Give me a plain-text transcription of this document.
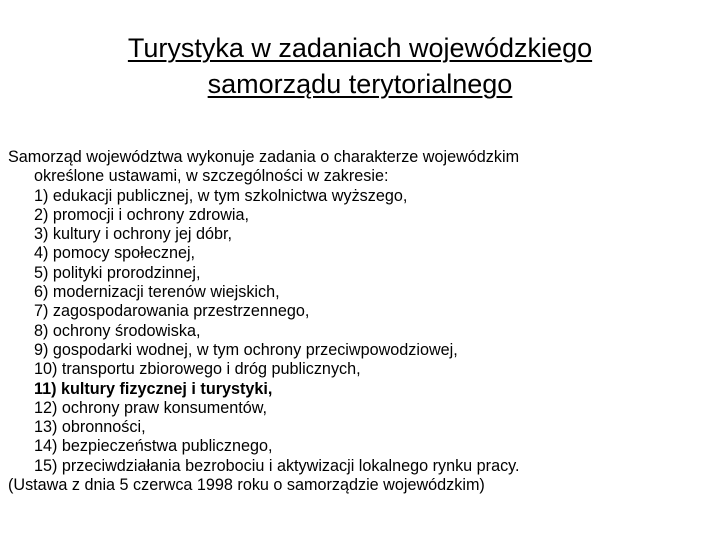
Turystyka w zadaniach wojewódzkiego
samorządu terytorialnego

Samorząd województwa wykonuje zadania o charakterze wojewódzkim
określone ustawami, w szczególności w zakresie:

1) edukacji publicznej, w tym szkolnictwa wyższego,
2) promocji i ochrony zdrowia,
3) kultury i ochrony jej dóbr,
4) pomocy społecznej,
5) polityki prorodzinnej,
6) modernizacji terenów wiejskich,
7) zagospodarowania przestrzennego,
8) ochrony środowiska,
9) gospodarki wodnej, w tym ochrony przeciwpowodziowej,
10) transportu zbiorowego i dróg publicznych,
11) kultury fizycznej i turystyki,
12) ochrony praw konsumentów,
13) obronności,
14) bezpieczeństwa publicznego,
15) przeciwdziałania bezrobociu i aktywizacji lokalnego rynku pracy.

(Ustawa z dnia 5 czerwca 1998 roku o samorządzie wojewódzkim)
